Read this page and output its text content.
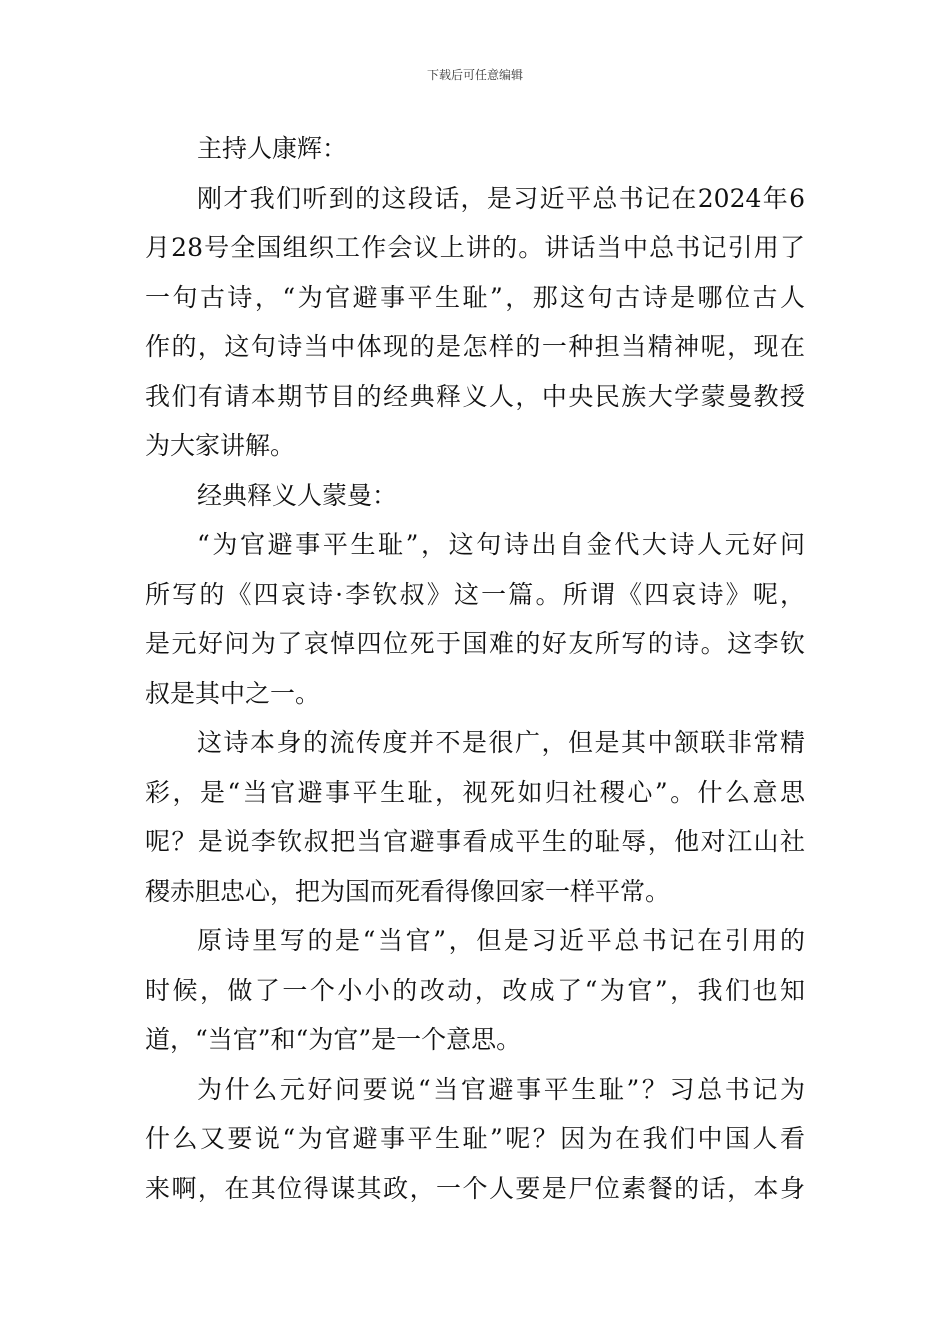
下载后可任意编辑
主持人康辉：
刚才我们听到的这段话，是习近平总书记在2024年6
月28号全国组织工作会议上讲的。讲话当中总书记引用了
一句古诗，“为官避事平生耻”，那这句古诗是哪位古人
作的，这句诗当中体现的是怎样的一种担当精神呢，现在
我们有请本期节目的经典释义人，中央民族大学蒙曼教授
为大家讲解。
经典释义人蒙曼：
“为官避事平生耻”，这句诗出自金代大诗人元好问
所写的《四哀诗·李钦叔》这一篇。所谓《四哀诗》呢，
是元好问为了哀悼四位死于国难的好友所写的诗。这李钦
叔是其中之一。
这诗本身的流传度并不是很广，但是其中颔联非常精
彩，是“当官避事平生耻，视死如归社稷心”。什么意思
呢？是说李钦叔把当官避事看成平生的耻辱，他对江山社
稷赤胆忠心，把为国而死看得像回家一样平常。
原诗里写的是“当官”，但是习近平总书记在引用的
时候，做了一个小小的改动，改成了“为官”，我们也知
道，“当官”和“为官”是一个意思。
为什么元好问要说“当官避事平生耻”？习总书记为
什么又要说“为官避事平生耻”呢？因为在我们中国人看
来啊，在其位得谋其政，一个人要是尸位素餐的话，本身
